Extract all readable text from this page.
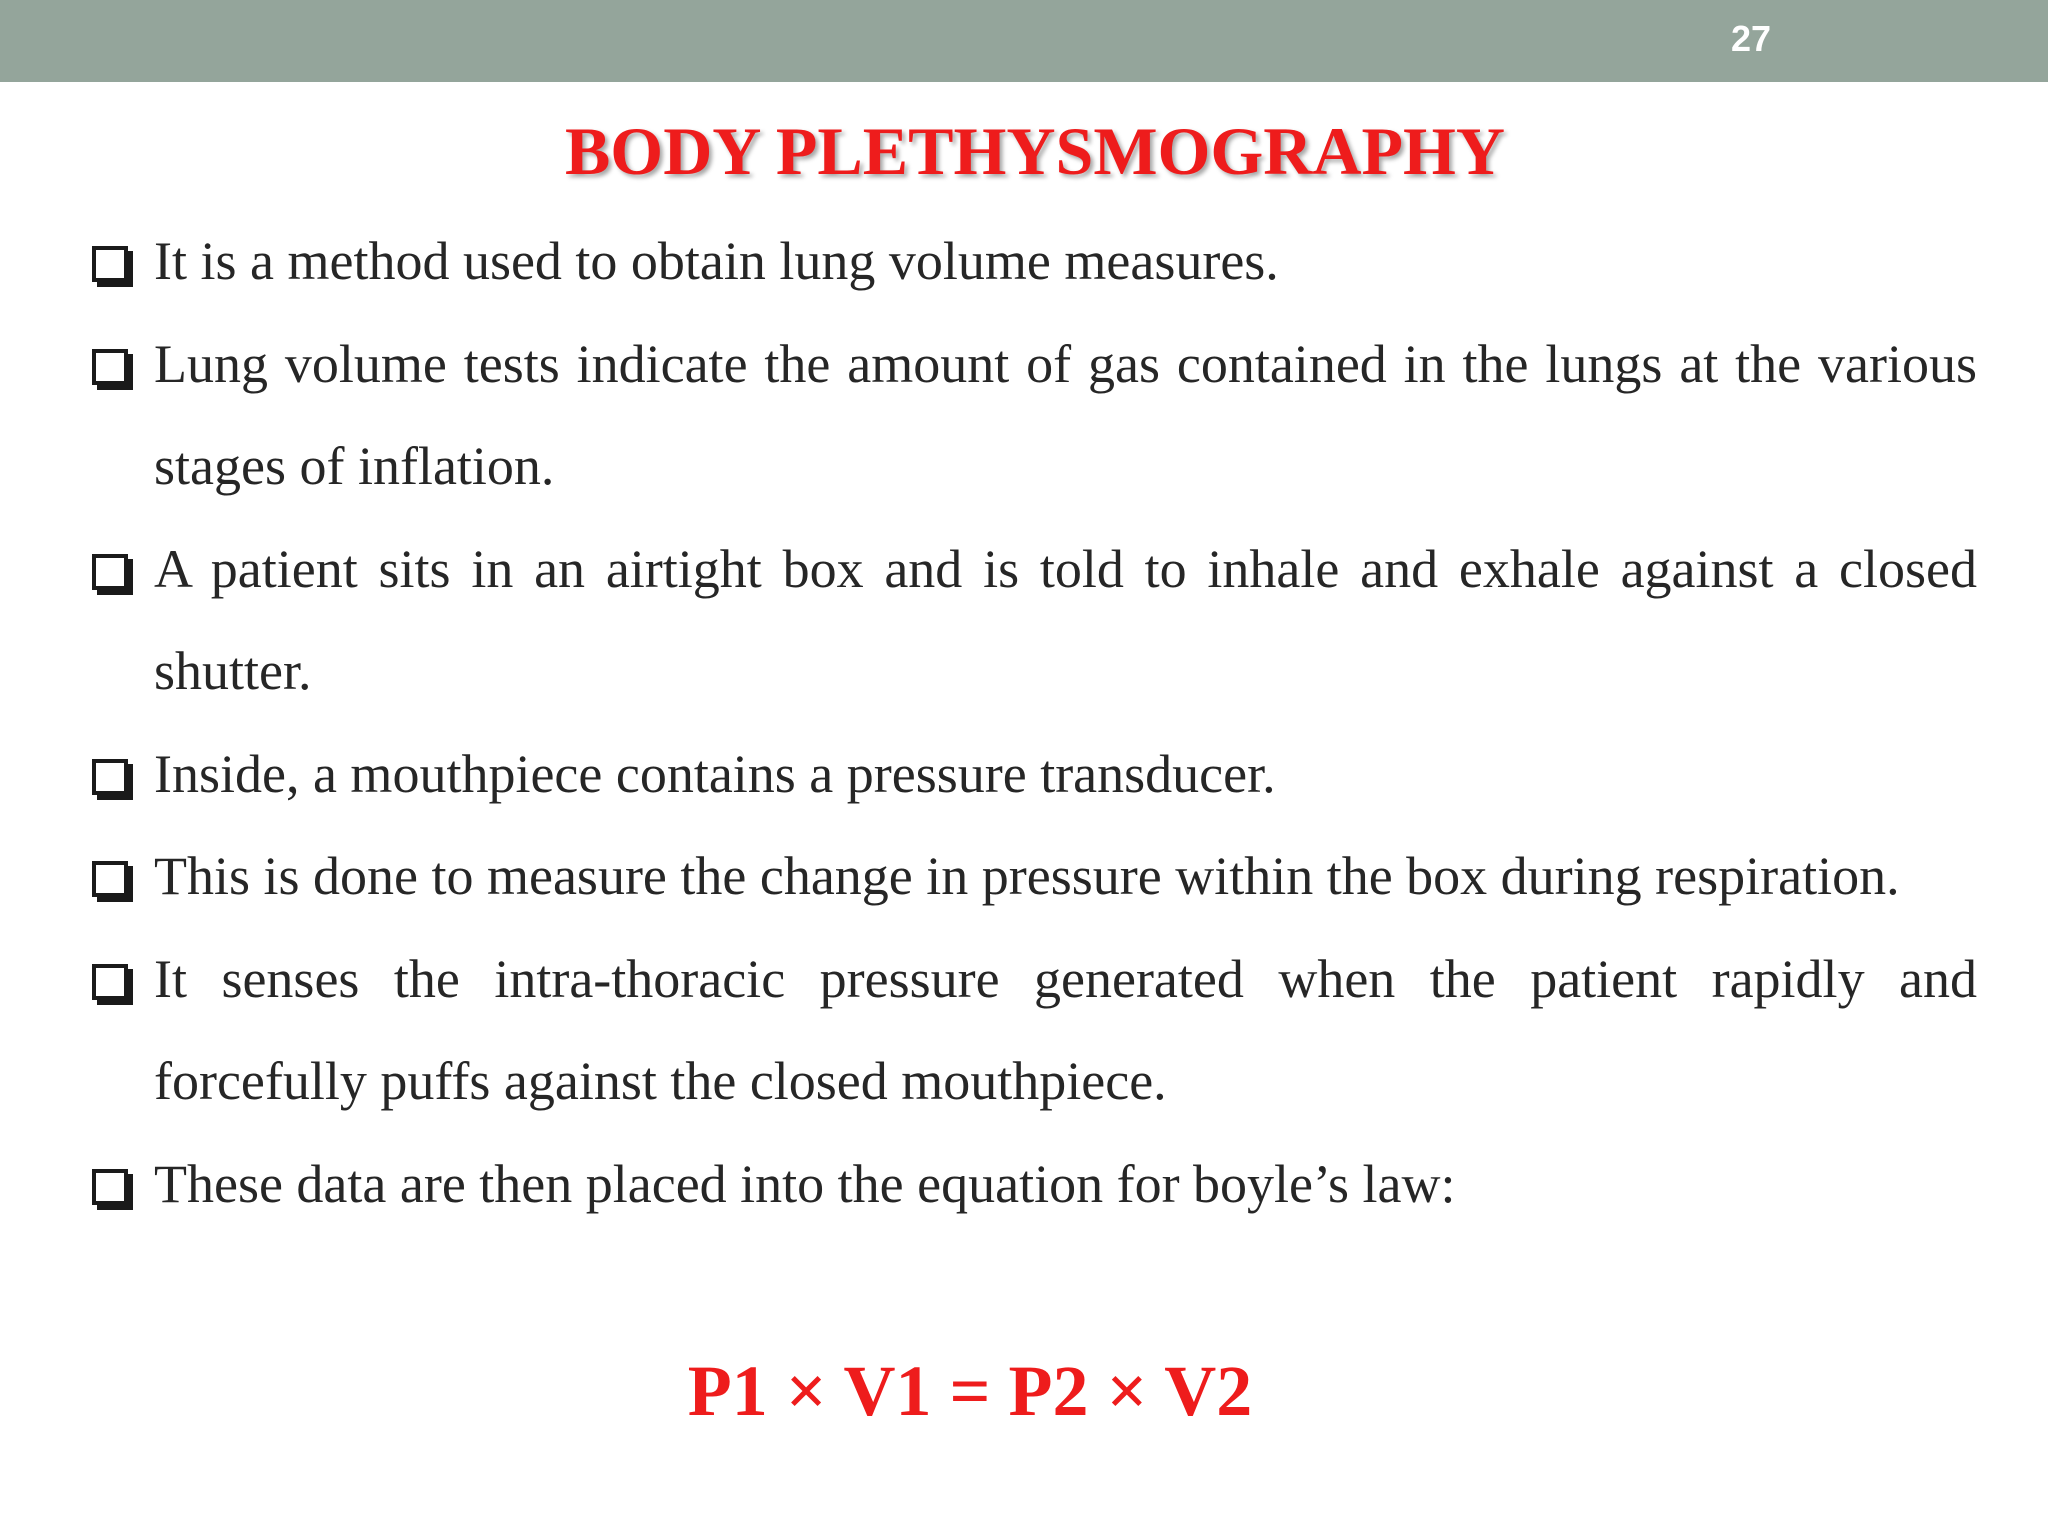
27
BODY PLETHYSMOGRAPHY
It is a method used to obtain lung volume measures.
Lung volume tests indicate the amount of gas contained in the lungs at the various stages of inflation.
A patient sits in an airtight box and is told to inhale and exhale against a closed shutter.
Inside, a mouthpiece contains a pressure transducer.
This is done to measure the change in pressure within the box during respiration.
It senses the intra-thoracic pressure generated when the patient rapidly and forcefully puffs against the closed mouthpiece.
These data are then placed into the equation for boyle’s law:
P1 × V1 = P2 × V2
